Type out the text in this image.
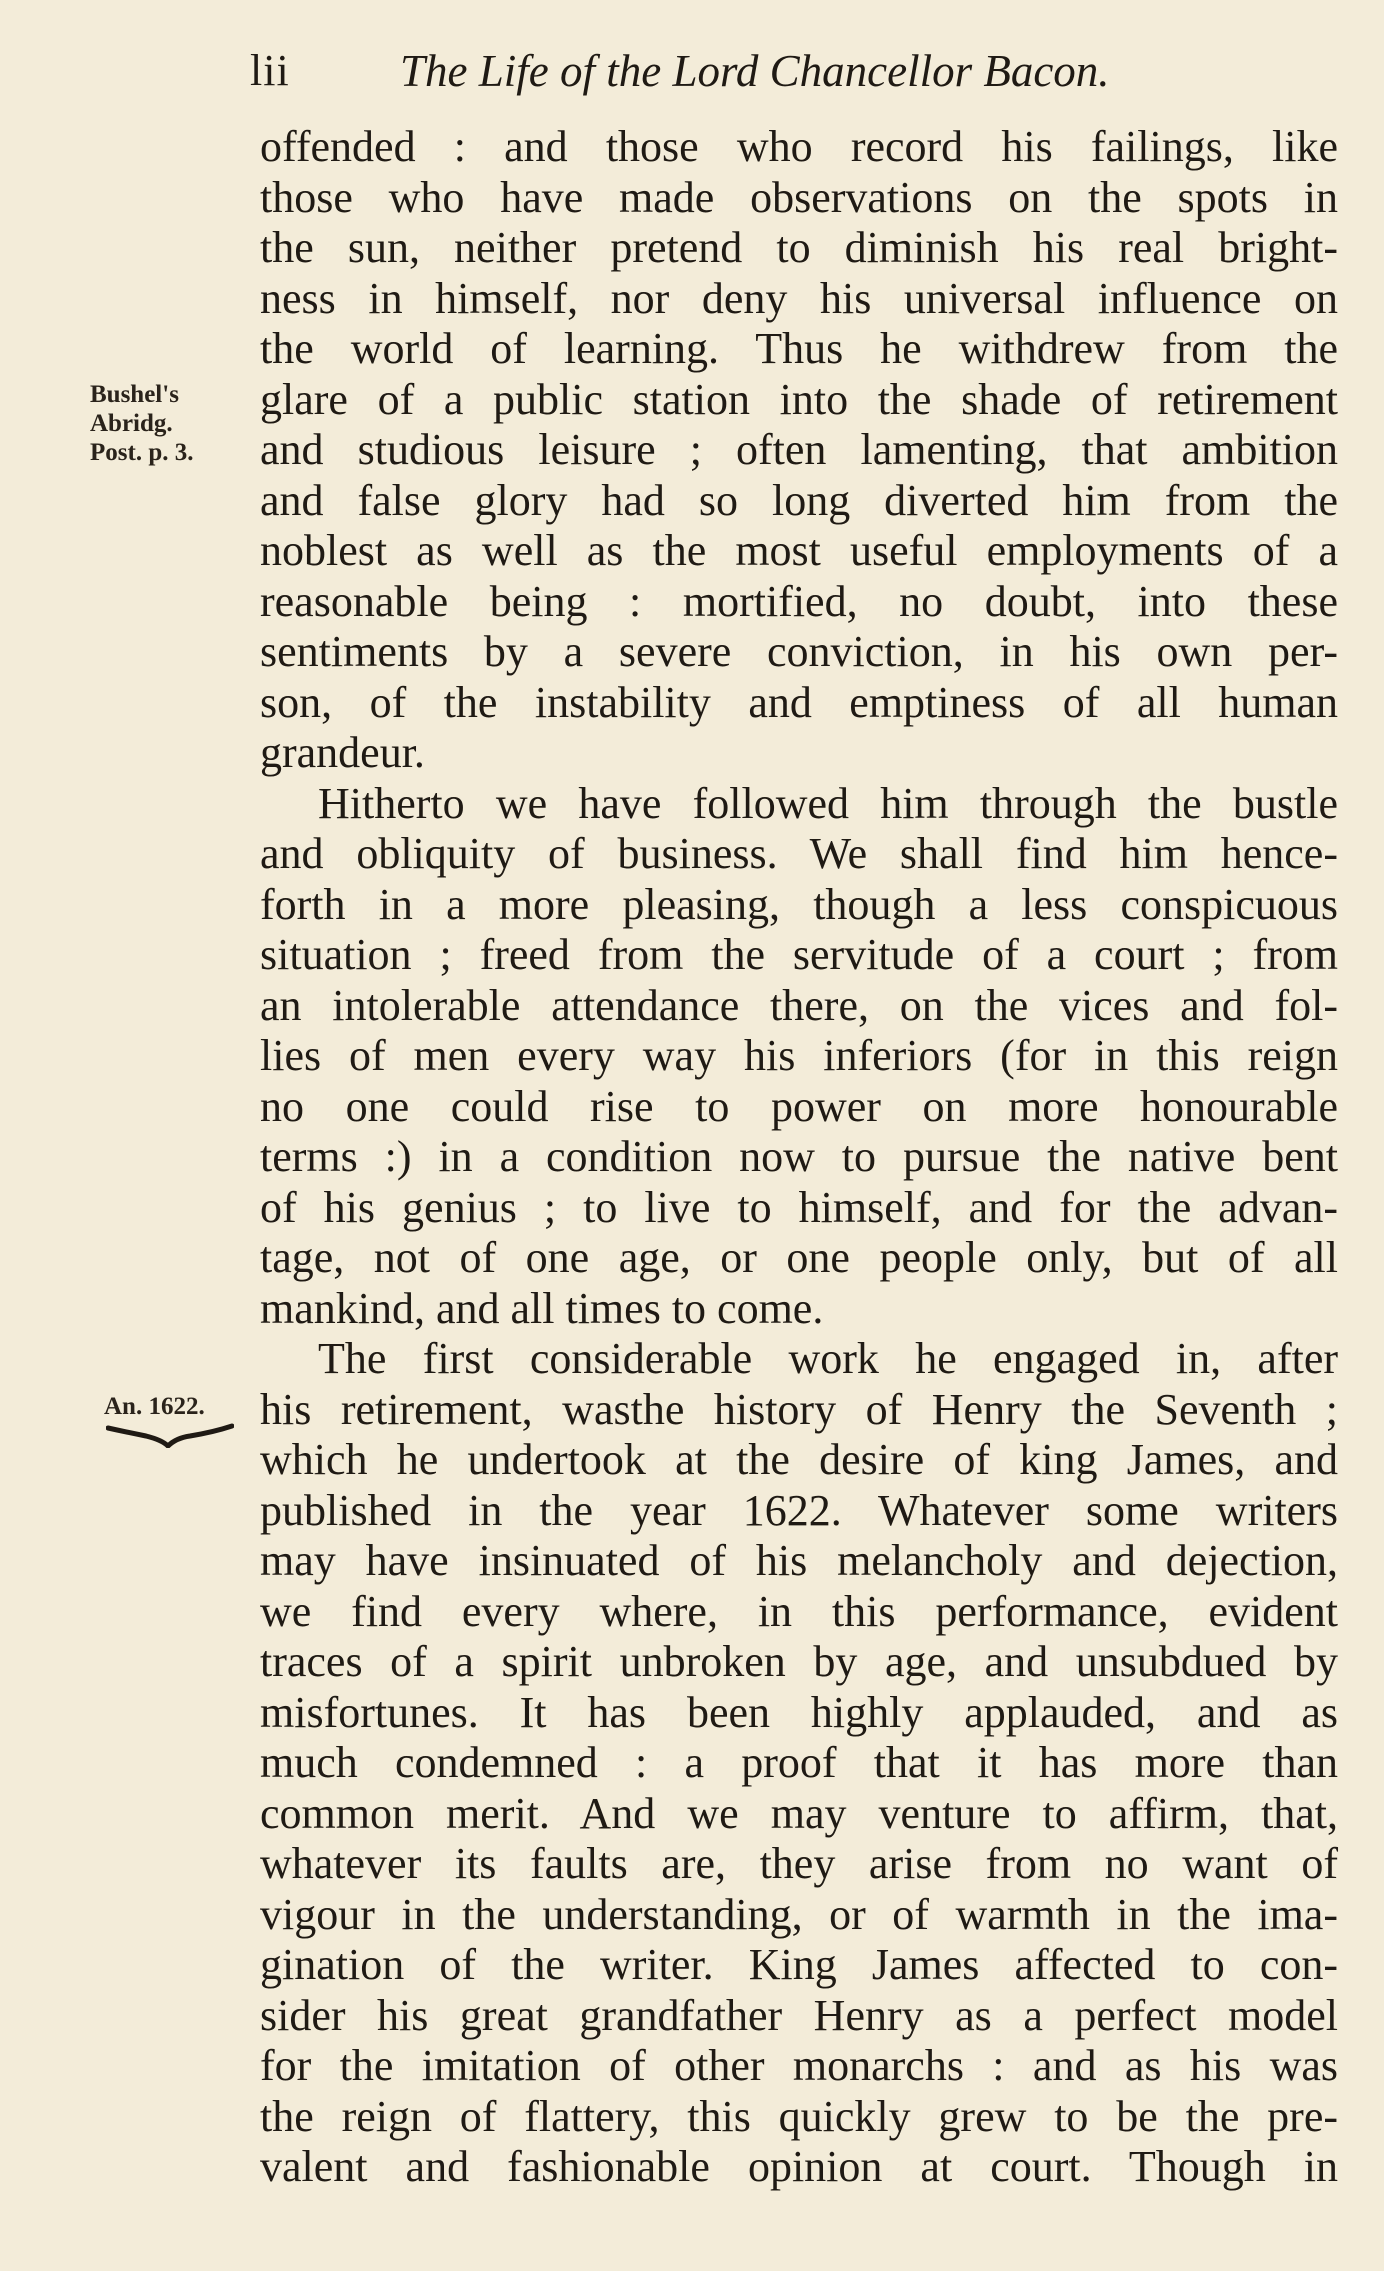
lii The Life of the Lord Chancellor Bacon.
Bushel's
Abridg.
Post. p. 3.
An. 1622.
offended : and those who record his failings, like
those who have made observations on the spots in
the sun, neither pretend to diminish his real bright-
ness in himself, nor deny his universal influence on
the world of learning. Thus he withdrew from the
glare of a public station into the shade of retirement
and studious leisure ; often lamenting, that ambition
and false glory had so long diverted him from the
noblest as well as the most useful employments of a
reasonable being : mortified, no doubt, into these
sentiments by a severe conviction, in his own per-
son, of the instability and emptiness of all human
grandeur.
Hitherto we have followed him through the bustle
and obliquity of business. We shall find him hence-
forth in a more pleasing, though a less conspicuous
situation ; freed from the servitude of a court ; from
an intolerable attendance there, on the vices and fol-
lies of men every way his inferiors (for in this reign
no one could rise to power on more honourable
terms :) in a condition now to pursue the native bent
of his genius ; to live to himself, and for the advan-
tage, not of one age, or one people only, but of all
mankind, and all times to come.
The first considerable work he engaged in, after
his retirement, wasthe history of Henry the Seventh ;
which he undertook at the desire of king James, and
published in the year 1622. Whatever some writers
may have insinuated of his melancholy and dejection,
we find every where, in this performance, evident
traces of a spirit unbroken by age, and unsubdued by
misfortunes. It has been highly applauded, and as
much condemned : a proof that it has more than
common merit. And we may venture to affirm, that,
whatever its faults are, they arise from no want of
vigour in the understanding, or of warmth in the ima-
gination of the writer. King James affected to con-
sider his great grandfather Henry as a perfect model
for the imitation of other monarchs : and as his was
the reign of flattery, this quickly grew to be the pre-
valent and fashionable opinion at court. Though in
